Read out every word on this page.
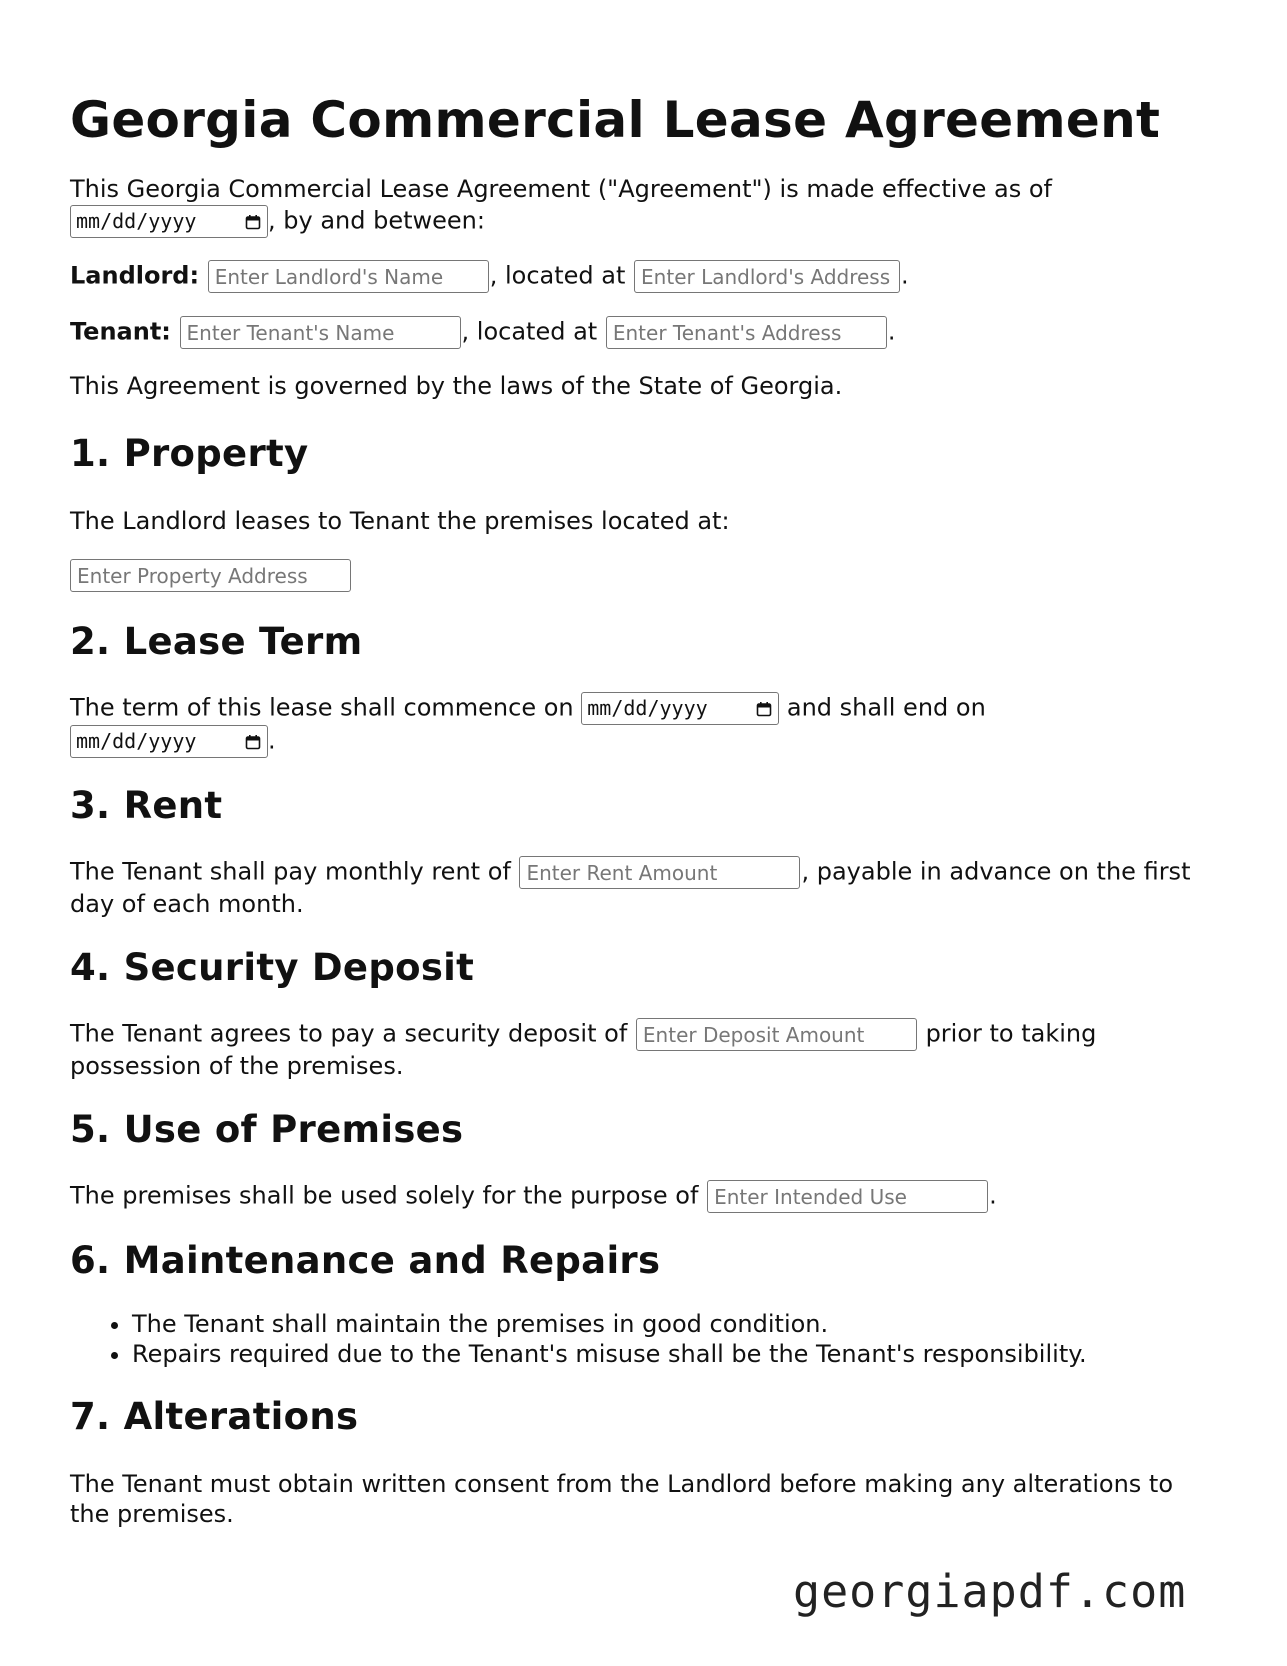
Georgia Commercial Lease Agreement

This Georgia Commercial Lease Agreement ("Agreement") is made effective as of

mm/dd/yyyy	, by and between:

Landlord: Enter Landlord's Name	, located at Enter Landlord's Address	.

Tenant: Enter Tenant's Name	, located at Enter Tenant's Address	.

This Agreement is governed by the laws of the State of Georgia.

1. Property

The Landlord leases to Tenant the premises located at:

Enter Property Address

2. Lease Term

The term of this lease shall commence on mm/dd/yyyy	and shall end on

mm/dd/yyyy	.

3. Rent

The Tenant shall pay monthly rent of Enter Rent Amount	, payable in advance on the first day of each month.

4. Security Deposit

The Tenant agrees to pay a security deposit of Enter Deposit Amount	prior to taking possession of the premises.

5. Use of Premises

The premises shall be used solely for the purpose of Enter Intended Use	.

6. Maintenance and Repairs
• The Tenant shall maintain the premises in good condition.
• Repairs required due to the Tenant's misuse shall be the Tenant's responsibility.
7. Alterations

The Tenant must obtain written consent from the Landlord before making any alterations to the premises.

georgiapdf.com
